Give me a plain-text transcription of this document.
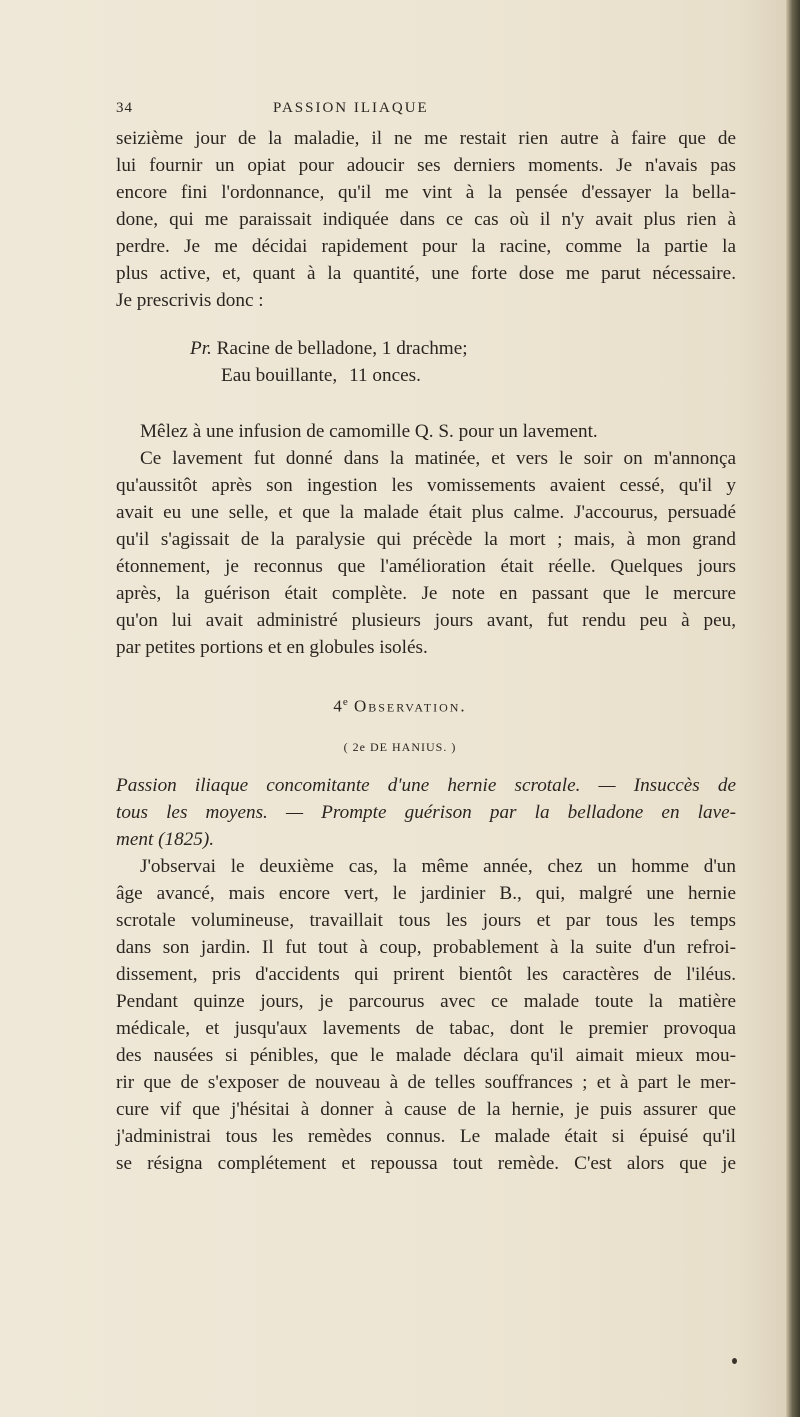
34	PASSION ILIAQUE
seizième jour de la maladie, il ne me restait rien autre à faire que de
lui fournir un opiat pour adoucir ses derniers moments. Je n'avais pas
encore fini l'ordonnance, qu'il me vint à la pensée d'essayer la bella-
done, qui me paraissait indiquée dans ce cas où il n'y avait plus rien à
perdre. Je me décidai rapidement pour la racine, comme la partie la
plus active, et, quant à la quantité, une forte dose me parut nécessaire.
Je prescrivis donc :
Pr. Racine de belladone, 1 drachme;
Eau bouillante, 11 onces.
Mêlez à une infusion de camomille Q. S. pour un lavement.
Ce lavement fut donné dans la matinée, et vers le soir on m'annonça
qu'aussitôt après son ingestion les vomissements avaient cessé, qu'il y
avait eu une selle, et que la malade était plus calme. J'accourus, persuadé
qu'il s'agissait de la paralysie qui précède la mort ; mais, à mon grand
étonnement, je reconnus que l'amélioration était réelle. Quelques jours
après, la guérison était complète. Je note en passant que le mercure
qu'on lui avait administré plusieurs jours avant, fut rendu peu à peu,
par petites portions et en globules isolés.
4e Observation.
( 2e DE HANIUS. )
Passion iliaque concomitante d'une hernie scrotale. — Insuccès de
tous les moyens. — Prompte guérison par la belladone en lave-
ment (1825).
J'observai le deuxième cas, la même année, chez un homme d'un
âge avancé, mais encore vert, le jardinier B., qui, malgré une hernie
scrotale volumineuse, travaillait tous les jours et par tous les temps
dans son jardin. Il fut tout à coup, probablement à la suite d'un refroi-
dissement, pris d'accidents qui prirent bientôt les caractères de l'iléus.
Pendant quinze jours, je parcourus avec ce malade toute la matière
médicale, et jusqu'aux lavements de tabac, dont le premier provoqua
des nausées si pénibles, que le malade déclara qu'il aimait mieux mou-
rir que de s'exposer de nouveau à de telles souffrances ; et à part le mer-
cure vif que j'hésitai à donner à cause de la hernie, je puis assurer que
j'administrai tous les remèdes connus. Le malade était si épuisé qu'il
se résigna complétement et repoussa tout remède. C'est alors que je
